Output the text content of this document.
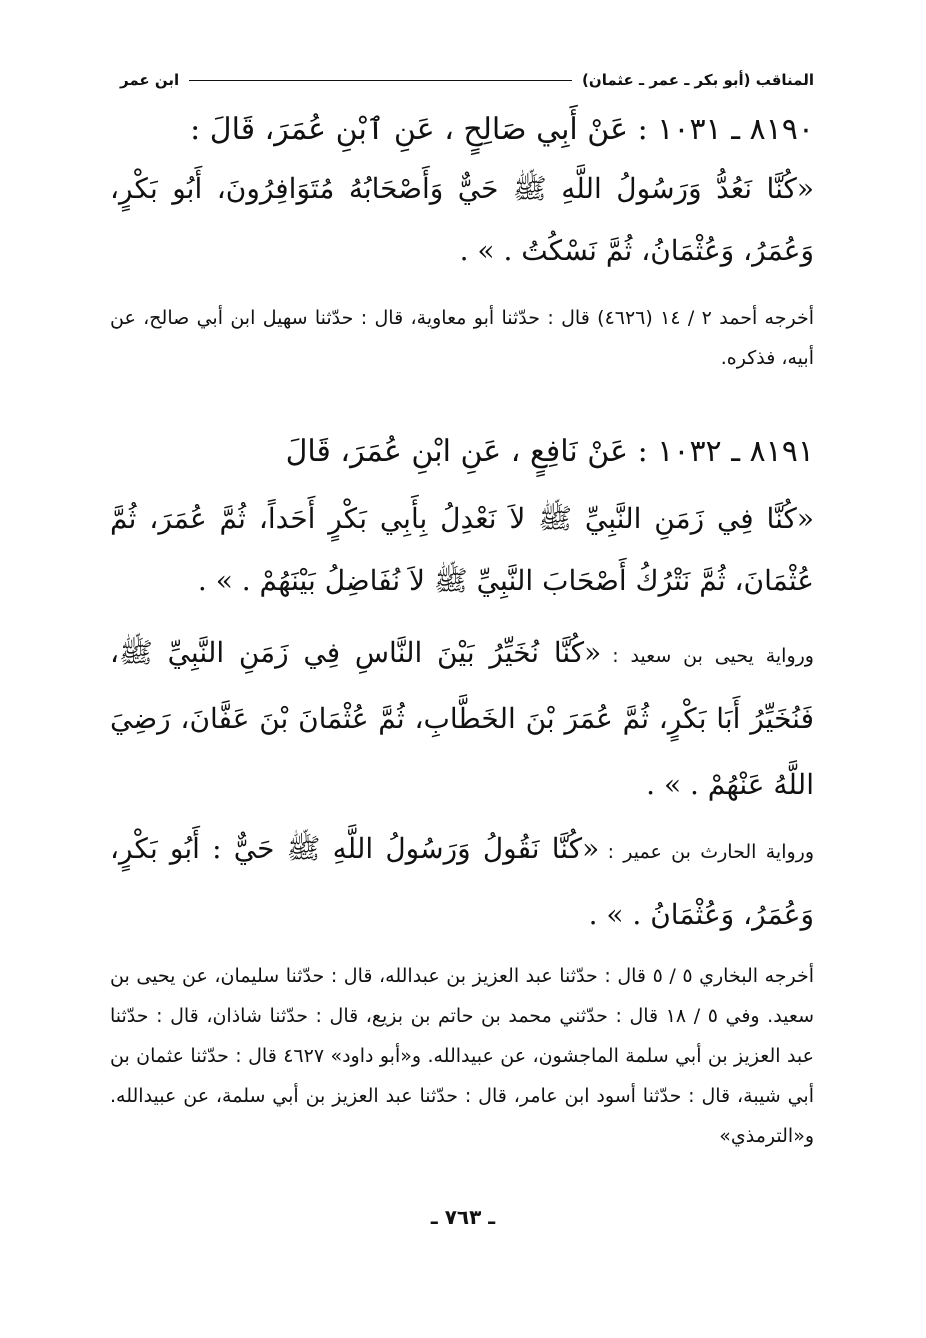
المناقب (أبو بكر ـ عمر ـ عثمان)
ابن عمر
٨١٩٠ ـ ١٠٣١ : عَنْ أَبِي صَالِحٍ ، عَنِ ٱبْنِ عُمَرَ، قَالَ :
«كُنَّا نَعُدُّ وَرَسُولُ اللَّهِ ﷺ حَيٌّ وَأَصْحَابُهُ مُتَوَافِرُونَ، أَبُو بَكْرٍ، وَعُمَرُ، وَعُثْمَانُ، ثُمَّ نَسْكُتُ . » .
أخرجه أحمد ٢ / ١٤ (٤٦٢٦) قال : حدّثنا أبو معاوية، قال : حدّثنا سهيل ابن أبي صالح، عن أبيه، فذكره.
٨١٩١ ـ ١٠٣٢ : عَنْ نَافِعٍ ، عَنِ ابْنِ عُمَرَ، قَالَ
«كُنَّا فِي زَمَنِ النَّبِيِّ ﷺ لاَ نَعْدِلُ بِأَبِي بَكْرٍ أَحَداً، ثُمَّ عُمَرَ، ثُمَّ عُثْمَانَ، ثُمَّ نَتْرُكُ أَصْحَابَ النَّبِيِّ ﷺ لاَ نُفَاضِلُ بَيْنَهُمْ . » .
ورواية يحيى بن سعيد : «كُنَّا نُخَيِّرُ بَيْنَ النَّاسِ فِي زَمَنِ النَّبِيِّ ﷺ، فَنُخَيِّرُ أَبَا بَكْرٍ، ثُمَّ عُمَرَ بْنَ الخَطَّابِ، ثُمَّ عُثْمَانَ بْنَ عَفَّانَ، رَضِيَ اللَّهُ عَنْهُمْ . » .
ورواية الحارث بن عمير : «كُنَّا نَقُولُ وَرَسُولُ اللَّهِ ﷺ حَيٌّ : أَبُو بَكْرٍ، وَعُمَرُ، وَعُثْمَانُ . » .
أخرجه البخاري ٥ / ٥ قال : حدّثنا عبد العزيز بن عبدالله، قال : حدّثنا سليمان، عن يحيى بن سعيد. وفي ٥ / ١٨ قال : حدّثني محمد بن حاتم بن بزيع، قال : حدّثنا شاذان، قال : حدّثنا عبد العزيز بن أبي سلمة الماجشون، عن عبيدالله. و«أبو داود» ٤٦٢٧ قال : حدّثنا عثمان بن أبي شيبة، قال : حدّثنا أسود ابن عامر، قال : حدّثنا عبد العزيز بن أبي سلمة، عن عبيدالله. و«الترمذي»
ـ ٧٦٣ ـ
